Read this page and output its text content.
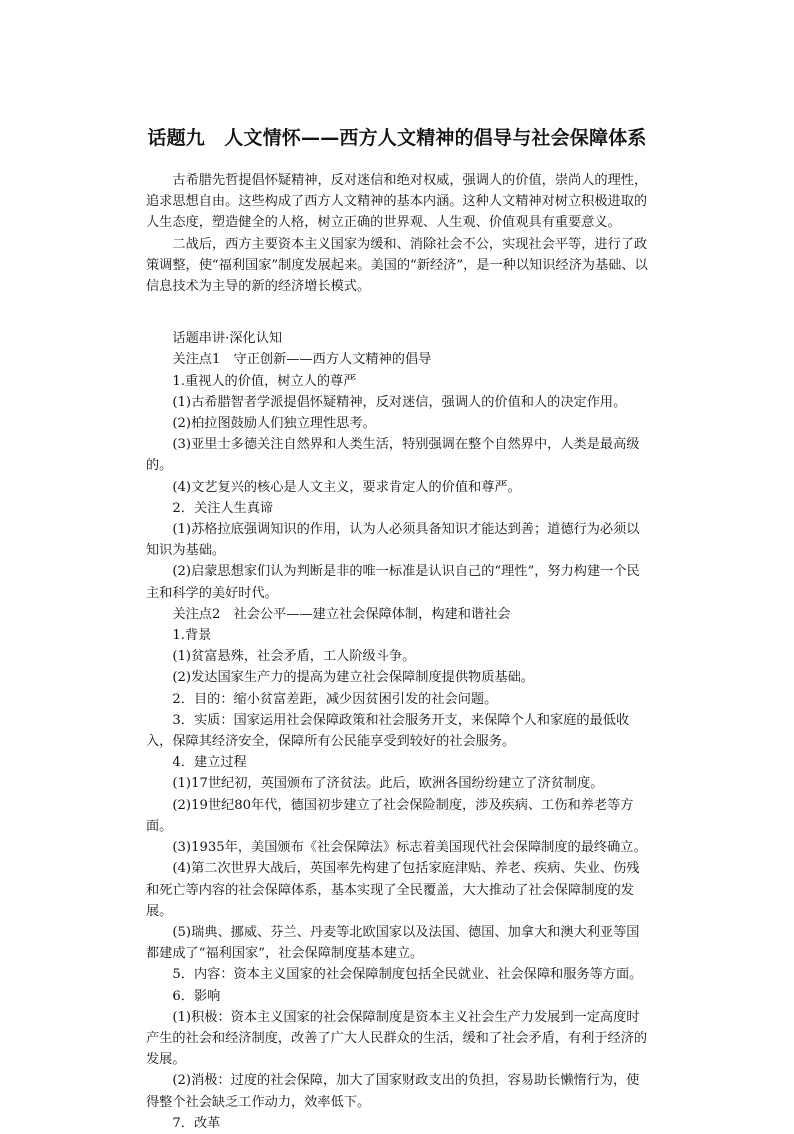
话题九　人文情怀——西方人文精神的倡导与社会保障体系

古希腊先哲提倡怀疑精神，反对迷信和绝对权威，强调人的价值，崇尚人的理性，追求思想自由。这些构成了西方人文精神的基本内涵。这种人文精神对树立积极进取的人生态度，塑造健全的人格，树立正确的世界观、人生观、价值观具有重要意义。

二战后，西方主要资本主义国家为缓和、消除社会不公，实现社会平等，进行了政策调整，使“福利国家”制度发展起来。美国的“新经济”，是一种以知识经济为基础、以信息技术为主导的新的经济增长模式。

话题串讲·深化认知

关注点1　守正创新——西方人文精神的倡导

1.重视人的价值，树立人的尊严

(1)古希腊智者学派提倡怀疑精神，反对迷信，强调人的价值和人的决定作用。

(2)柏拉图鼓励人们独立理性思考。

(3)亚里士多德关注自然界和人类生活，特别强调在整个自然界中，人类是最高级的。

(4)文艺复兴的核心是人文主义，要求肯定人的价值和尊严。

2．关注人生真谛

(1)苏格拉底强调知识的作用，认为人必须具备知识才能达到善；道德行为必须以知识为基础。

(2)启蒙思想家们认为判断是非的唯一标准是认识自己的“理性”，努力构建一个民主和科学的美好时代。

关注点2　社会公平——建立社会保障体制，构建和谐社会

1.背景

(1)贫富悬殊，社会矛盾，工人阶级斗争。

(2)发达国家生产力的提高为建立社会保障制度提供物质基础。

2．目的：缩小贫富差距，减少因贫困引发的社会问题。

3．实质：国家运用社会保障政策和社会服务开支，来保障个人和家庭的最低收入，保障其经济安全，保障所有公民能享受到较好的社会服务。

4．建立过程

(1)17世纪初，英国颁布了济贫法。此后，欧洲各国纷纷建立了济贫制度。

(2)19世纪80年代，德国初步建立了社会保险制度，涉及疾病、工伤和养老等方面。

(3)1935年，美国颁布《社会保障法》标志着美国现代社会保障制度的最终确立。

(4)第二次世界大战后，英国率先构建了包括家庭津贴、养老、疾病、失业、伤残和死亡等内容的社会保障体系，基本实现了全民覆盖，大大推动了社会保障制度的发展。

(5)瑞典、挪威、芬兰、丹麦等北欧国家以及法国、德国、加拿大和澳大利亚等国都建成了“福利国家”，社会保障制度基本建立。

5．内容：资本主义国家的社会保障制度包括全民就业、社会保障和服务等方面。

6．影响

(1)积极：资本主义国家的社会保障制度是资本主义社会生产力发展到一定高度时产生的社会和经济制度，改善了广大人民群众的生活，缓和了社会矛盾，有利于经济的发展。

(2)消极：过度的社会保障，加大了国家财政支出的负担，容易助长懒惰行为，使得整个社会缺乏工作动力，效率低下。

7．改革
